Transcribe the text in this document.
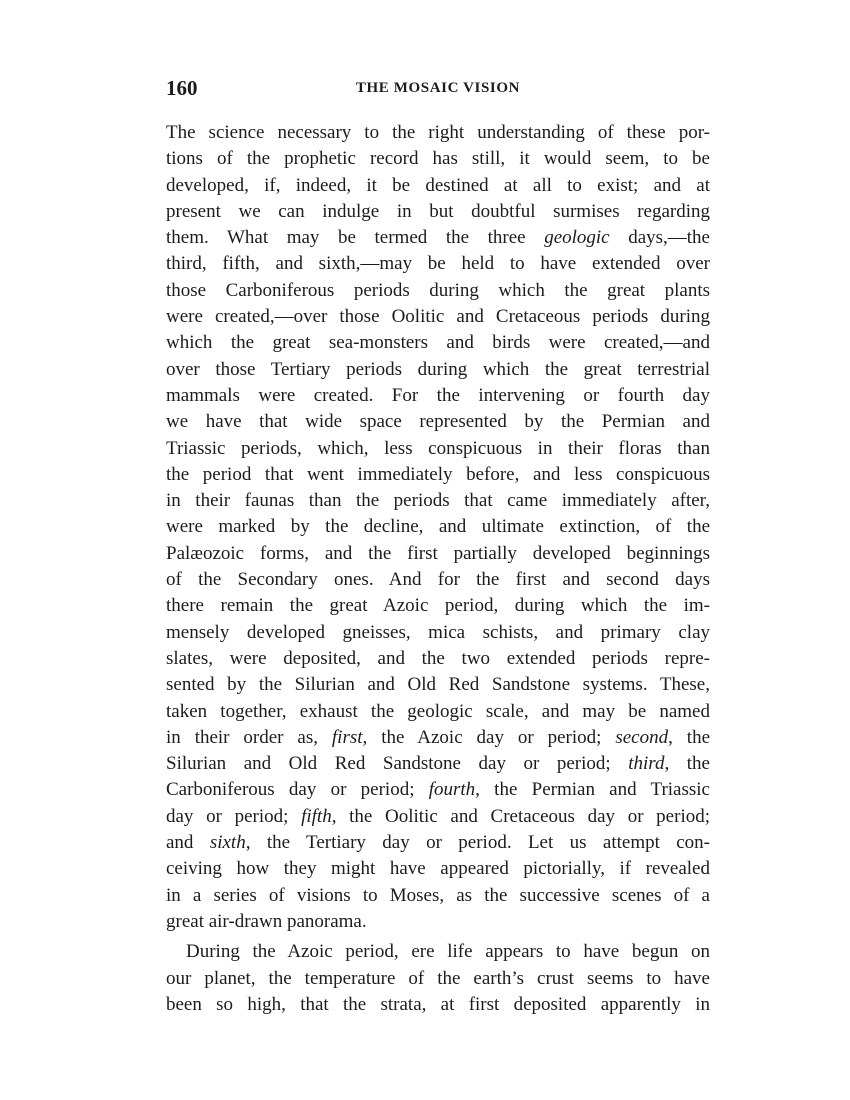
160	THE MOSAIC VISION
The science necessary to the right understanding of these por-
tions of the prophetic record has still, it would seem, to be
developed, if, indeed, it be destined at all to exist; and at
present we can indulge in but doubtful surmises regarding
them. What may be termed the three geologic days,—the
third, fifth, and sixth,—may be held to have extended over
those Carboniferous periods during which the great plants
were created,—over those Oolitic and Cretaceous periods during
which the great sea-monsters and birds were created,—and
over those Tertiary periods during which the great terrestrial
mammals were created. For the intervening or fourth day
we have that wide space represented by the Permian and
Triassic periods, which, less conspicuous in their floras than
the period that went immediately before, and less conspicuous
in their faunas than the periods that came immediately after,
were marked by the decline, and ultimate extinction, of the
Palæozoic forms, and the first partially developed beginnings
of the Secondary ones. And for the first and second days
there remain the great Azoic period, during which the im-
mensely developed gneisses, mica schists, and primary clay
slates, were deposited, and the two extended periods repre-
sented by the Silurian and Old Red Sandstone systems. These,
taken together, exhaust the geologic scale, and may be named
in their order as, first, the Azoic day or period; second, the
Silurian and Old Red Sandstone day or period; third, the
Carboniferous day or period; fourth, the Permian and Triassic
day or period; fifth, the Oolitic and Cretaceous day or period;
and sixth, the Tertiary day or period. Let us attempt con-
ceiving how they might have appeared pictorially, if revealed
in a series of visions to Moses, as the successive scenes of a
great air-drawn panorama.
During the Azoic period, ere life appears to have begun on
our planet, the temperature of the earth’s crust seems to have
been so high, that the strata, at first deposited apparently in
